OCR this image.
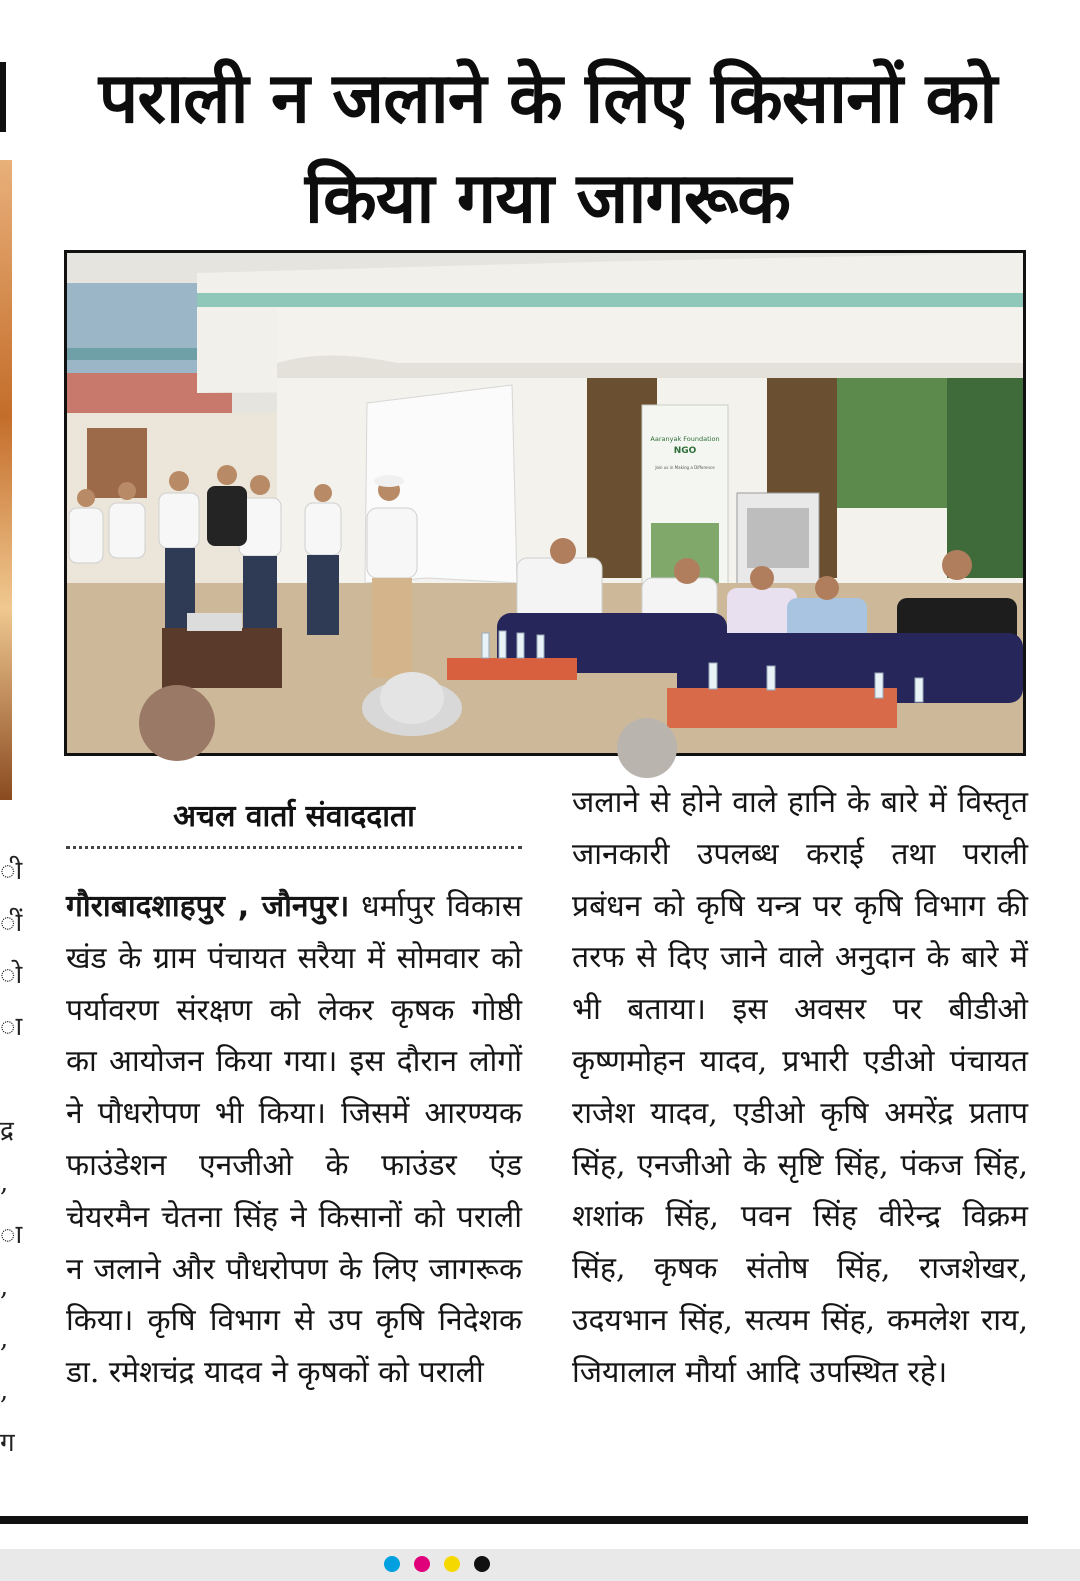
ी
ीं
ो
ा
द्र
,
ा
,
,
,
ग
पराली न जलाने के लिए किसानों को किया गया जागरूक
Aaranyak Foundation
NGO
Join us in Making a Difference
अचल वार्ता संवाददाता

गौराबादशाहपुर , जौनपुर। धर्मापुर विकास खंड के ग्राम पंचायत सरैया में सोमवार को पर्यावरण संरक्षण को लेकर कृषक गोष्ठी का आयोजन किया गया। इस दौरान लोगों ने पौधरोपण भी किया। जिसमें आरण्यक फाउंडेशन एनजीओ के फाउंडर एंड चेयरमैन चेतना सिंह ने किसानों को पराली न जलाने और पौधरोपण के लिए जागरूक किया। कृषि विभाग से उप कृषि निदेशक डा. रमेशचंद्र यादव ने कृषकों को पराली

जलाने से होने वाले हानि के बारे में विस्तृत जानकारी उपलब्ध कराई तथा पराली प्रबंधन को कृषि यन्त्र पर कृषि विभाग की तरफ से दिए जाने वाले अनुदान के बारे में भी बताया। इस अवसर पर बीडीओ कृष्णमोहन यादव, प्रभारी एडीओ पंचायत राजेश यादव, एडीओ कृषि अमरेंद्र प्रताप सिंह, एनजीओ के सृष्टि सिंह, पंकज सिंह, शशांक सिंह, पवन सिंह वीरेन्द्र विक्रम सिंह, कृषक संतोष सिंह, राजशेखर, उदयभान सिंह, सत्यम सिंह, कमलेश राय, जियालाल मौर्या आदि उपस्थित रहे।
